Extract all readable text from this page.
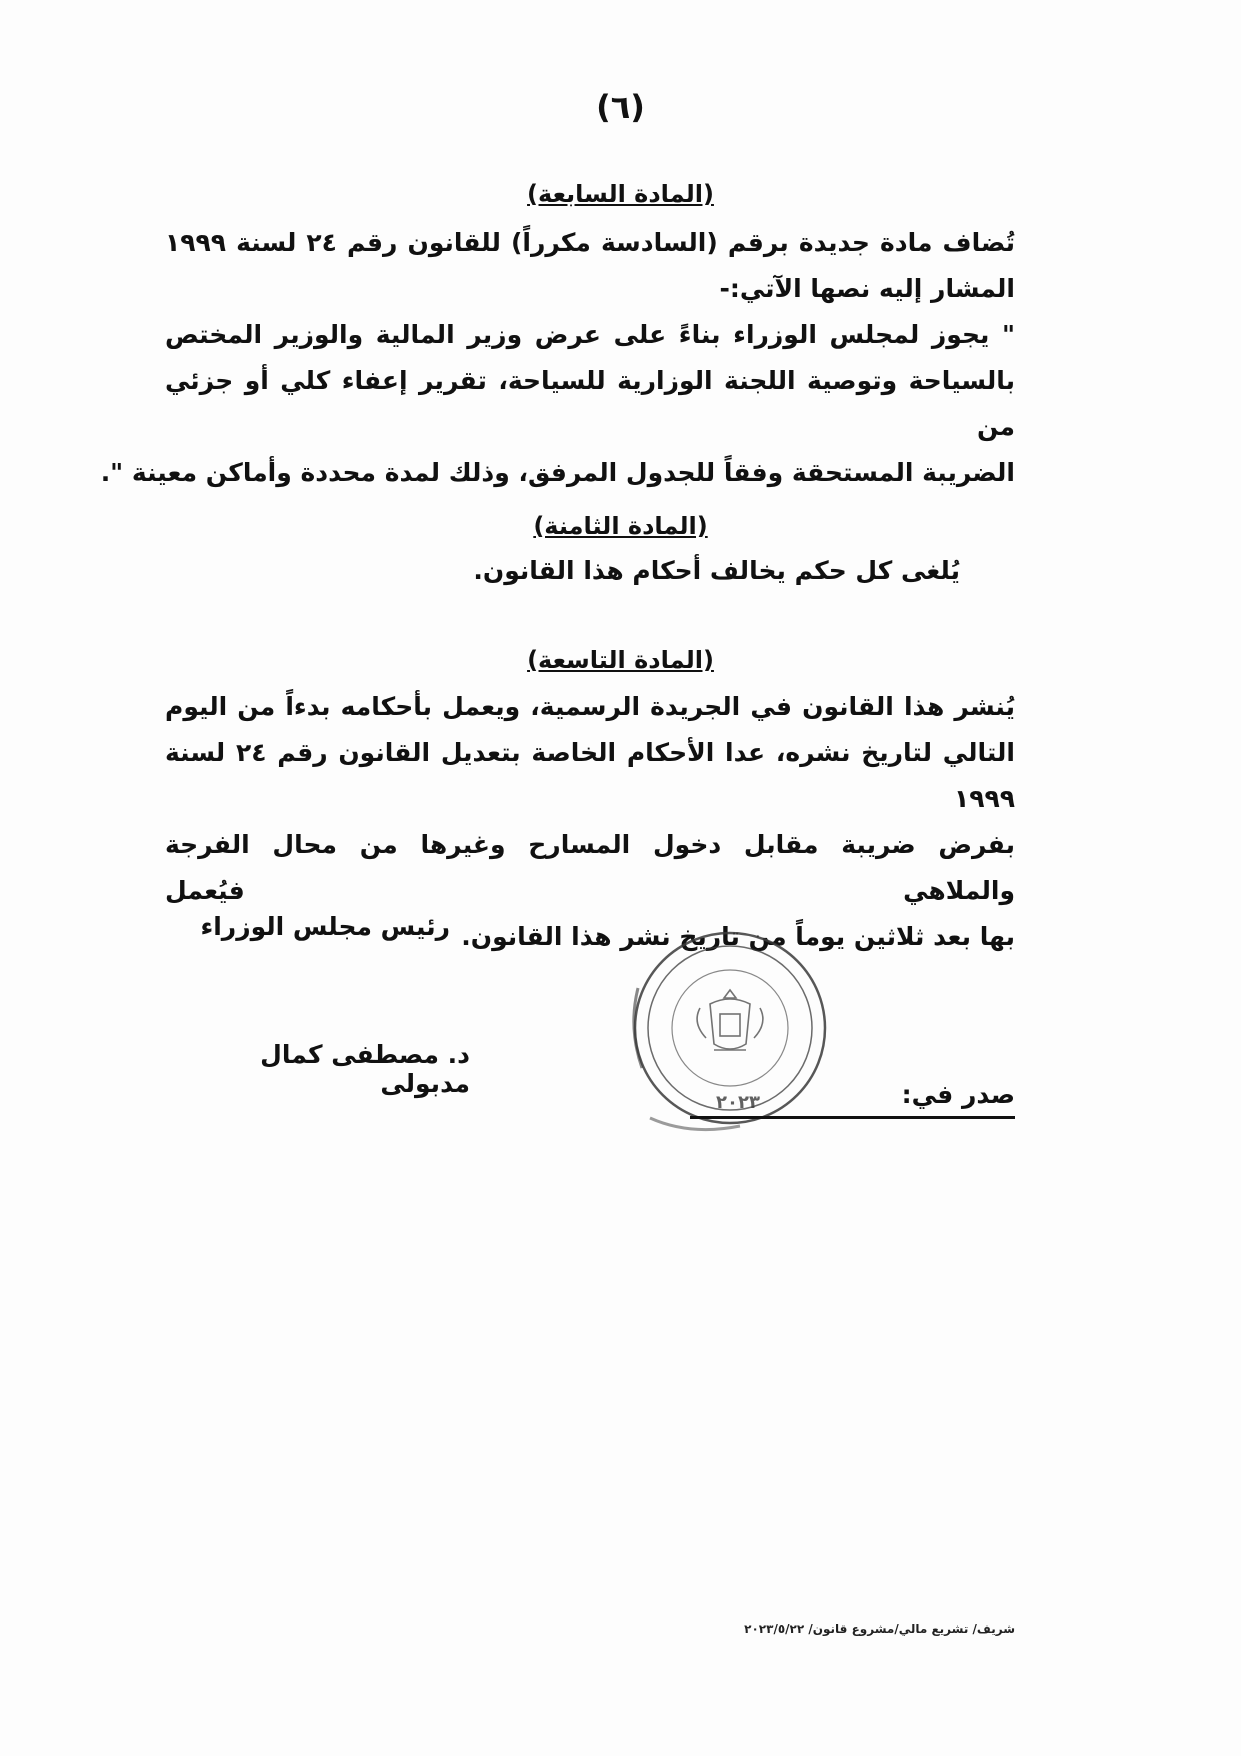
(٦)
(المادة السابعة)
تُضاف مادة جديدة برقم (السادسة مكرراً) للقانون رقم ٢٤ لسنة ١٩٩٩
المشار إليه نصها الآتي:-
" يجوز لمجلس الوزراء بناءً على عرض وزير المالية والوزير المختص
بالسياحة وتوصية اللجنة الوزارية للسياحة، تقرير إعفاء كلي أو جزئي من
الضريبة المستحقة وفقاً للجدول المرفق، وذلك لمدة محددة وأماكن معينة ".
(المادة الثامنة)
يُلغى كل حكم يخالف أحكام هذا القانون.
(المادة التاسعة)
يُنشر هذا القانون في الجريدة الرسمية، ويعمل بأحكامه بدءاً من اليوم
التالي لتاريخ نشره، عدا الأحكام الخاصة بتعديل القانون رقم ٢٤ لسنة ١٩٩٩
بفرض ضريبة مقابل دخول المسارح وغيرها من محال الفرجة والملاهي فيُعمل
بها بعد ثلاثين يوماً من تاريخ نشر هذا القانون.
رئيس مجلس الوزراء
د. مصطفى كمال مدبولى
٢٠٢٣	صدر في:
شريف/ تشريع مالي/مشروع قانون/ ٢٠٢٣/٥/٢٢
